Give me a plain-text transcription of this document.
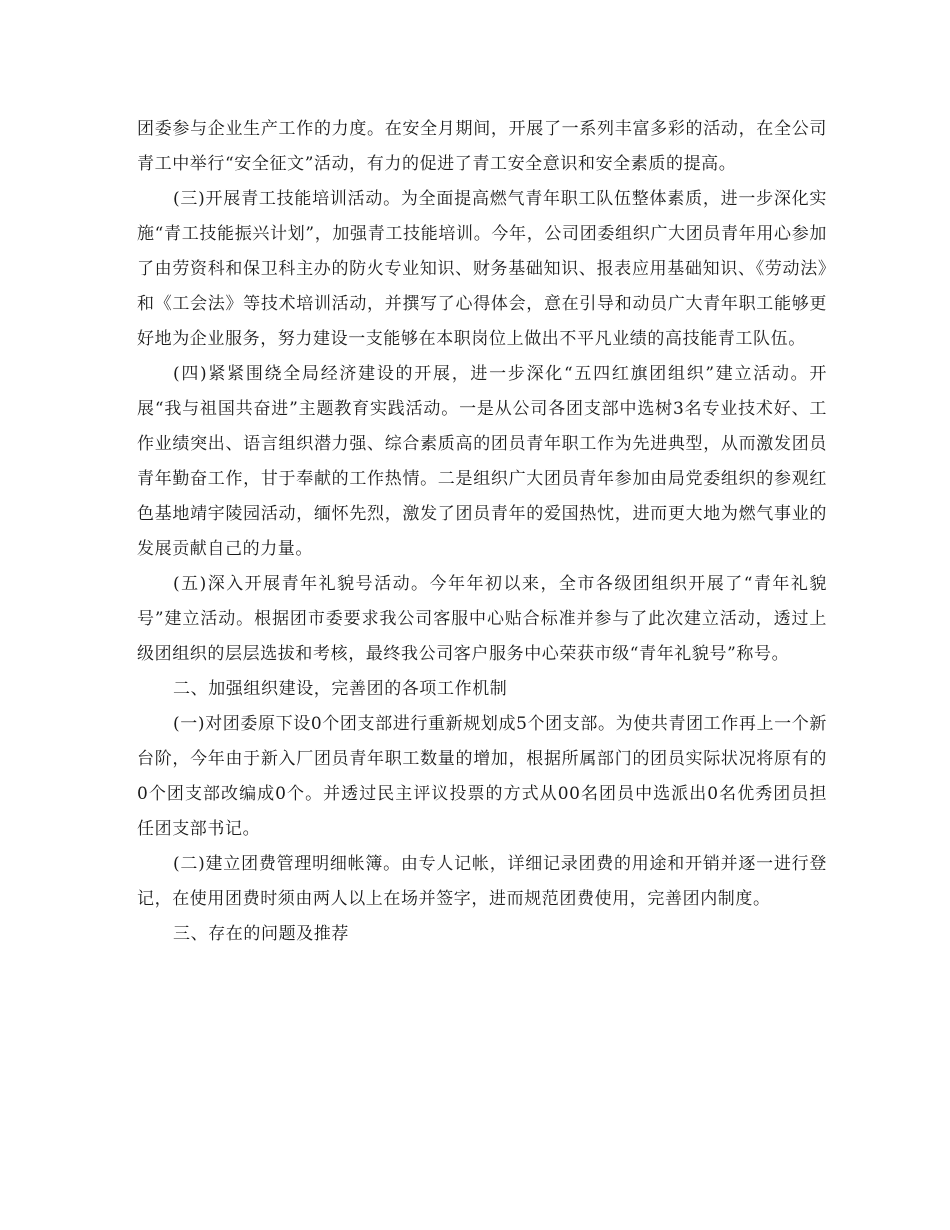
团委参与企业生产工作的力度。在安全月期间，开展了一系列丰富多彩的活动，在全公司青工中举行“安全征文”活动，有力的促进了青工安全意识和安全素质的提高。

(三)开展青工技能培训活动。为全面提高燃气青年职工队伍整体素质，进一步深化实施“青工技能振兴计划”，加强青工技能培训。今年，公司团委组织广大团员青年用心参加了由劳资科和保卫科主办的防火专业知识、财务基础知识、报表应用基础知识、《劳动法》和《工会法》等技术培训活动，并撰写了心得体会，意在引导和动员广大青年职工能够更好地为企业服务，努力建设一支能够在本职岗位上做出不平凡业绩的高技能青工队伍。

(四)紧紧围绕全局经济建设的开展，进一步深化“五四红旗团组织”建立活动。开展“我与祖国共奋进”主题教育实践活动。一是从公司各团支部中选树3名专业技术好、工作业绩突出、语言组织潜力强、综合素质高的团员青年职工作为先进典型，从而激发团员青年勤奋工作，甘于奉献的工作热情。二是组织广大团员青年参加由局党委组织的参观红色基地靖宇陵园活动，缅怀先烈，激发了团员青年的爱国热忱，进而更大地为燃气事业的发展贡献自己的力量。

(五)深入开展青年礼貌号活动。今年年初以来，全市各级团组织开展了“青年礼貌号”建立活动。根据团市委要求我公司客服中心贴合标准并参与了此次建立活动，透过上级团组织的层层选拔和考核，最终我公司客户服务中心荣获市级“青年礼貌号”称号。

二、加强组织建设，完善团的各项工作机制

(一)对团委原下设0个团支部进行重新规划成5个团支部。为使共青团工作再上一个新台阶，今年由于新入厂团员青年职工数量的增加，根据所属部门的团员实际状况将原有的0个团支部改编成0个。并透过民主评议投票的方式从00名团员中选派出0名优秀团员担任团支部书记。

(二)建立团费管理明细帐簿。由专人记帐，详细记录团费的用途和开销并逐一进行登记，在使用团费时须由两人以上在场并签字，进而规范团费使用，完善团内制度。

三、存在的问题及推荐
